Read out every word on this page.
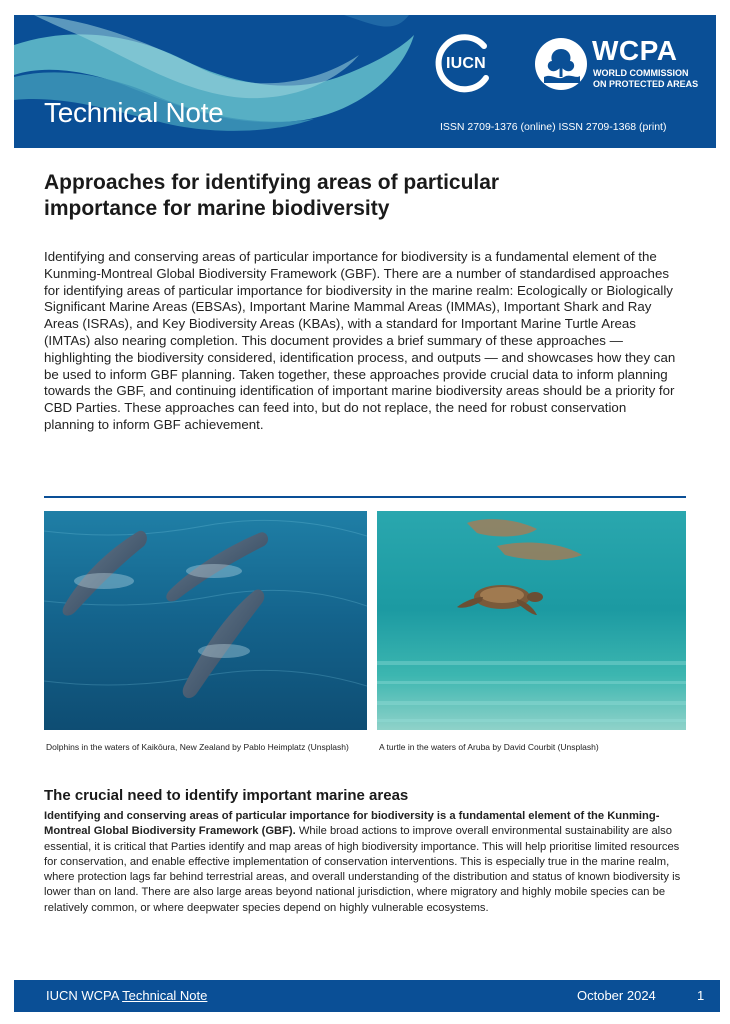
Technical Note
IUCN	WCPA
WORLD COMMISSION
ON PROTECTED AREAS
ISSN 2709-1376 (online) ISSN 2709-1368 (print)
Approaches for identifying areas of particular importance for marine biodiversity

Identifying and conserving areas of particular importance for biodiversity is a fundamental element of the Kunming-Montreal Global Biodiversity Framework (GBF). There are a number of standardised approaches for identifying areas of particular importance for biodiversity in the marine realm: Ecologically or Biologically Significant Marine Areas (EBSAs), Important Marine Mammal Areas (IMMAs), Important Shark and Ray Areas (ISRAs), and Key Biodiversity Areas (KBAs), with a standard for Important Marine Turtle Areas (IMTAs) also nearing completion. This document provides a brief summary of these approaches — highlighting the biodiversity considered, identification process, and outputs — and showcases how they can be used to inform GBF planning. Taken together, these approaches provide crucial data to inform planning towards the GBF, and continuing identification of important marine biodiversity areas should be a priority for CBD Parties. These approaches can feed into, but do not replace, the need for robust conservation planning to inform GBF achievement.

Dolphins in the waters of Kaikōura, New Zealand by Pablo Heimplatz (Unsplash)	A turtle in the waters of Aruba by David Courbit (Unsplash)
The crucial need to identify important marine areas

Identifying and conserving areas of particular importance for biodiversity is a fundamental element of the Kunming-Montreal Global Biodiversity Framework (GBF). While broad actions to improve overall environmental sustainability are also essential, it is critical that Parties identify and map areas of high biodiversity importance. This will help prioritise limited resources for conservation, and enable effective implementation of conservation interventions. This is especially true in the marine realm, where protection lags far behind terrestrial areas, and overall understanding of the distribution and status of known biodiversity is lower than on land. There are also large areas beyond national jurisdiction, where migratory and highly mobile species can be relatively common, or where deepwater species depend on highly vulnerable ecosystems.

IUCN WCPA Technical Note	October 2024	1
